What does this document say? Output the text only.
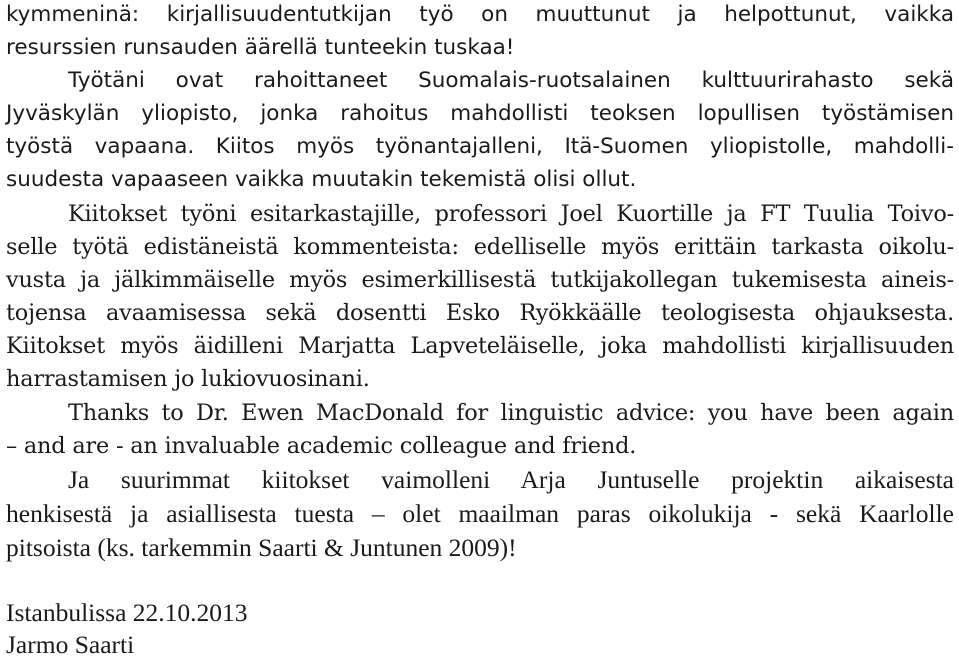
kymmeninä: kirjallisuudentutkijan työ on muuttunut ja helpottunut, vaikka
resurssien runsauden äärellä tunteekin tuskaa!
Työtäni ovat rahoittaneet Suomalais-ruotsalainen kulttuurirahasto sekä
Jyväskylän yliopisto, jonka rahoitus mahdollisti teoksen lopullisen työstämisen
työstä vapaana. Kiitos myös työnantajalleni, Itä-Suomen yliopistolle, mahdolli-
suudesta vapaaseen vaikka muutakin tekemistä olisi ollut.
Kiitokset työni esitarkastajille, professori Joel Kuortille ja FT Tuulia Toivo-
selle työtä edistäneistä kommenteista: edelliselle myös erittäin tarkasta oikolu-
vusta ja jälkimmäiselle myös esimerkillisestä tutkijakollegan tukemisesta aineis-
tojensa avaamisessa sekä dosentti Esko Ryökkäälle teologisesta ohjauksesta.
Kiitokset myös äidilleni Marjatta Lapveteläiselle, joka mahdollisti kirjallisuuden
harrastamisen jo lukiovuosinani.
Thanks to Dr. Ewen MacDonald for linguistic advice: you have been again
– and are - an invaluable academic colleague and friend.
Ja suurimmat kiitokset vaimolleni Arja Juntuselle projektin aikaisesta
henkisestä ja asiallisesta tuesta – olet maailman paras oikolukija - sekä Kaarlolle
pitsoista (ks. tarkemmin Saarti & Juntunen 2009)!
Istanbulissa 22.10.2013
Jarmo Saarti
